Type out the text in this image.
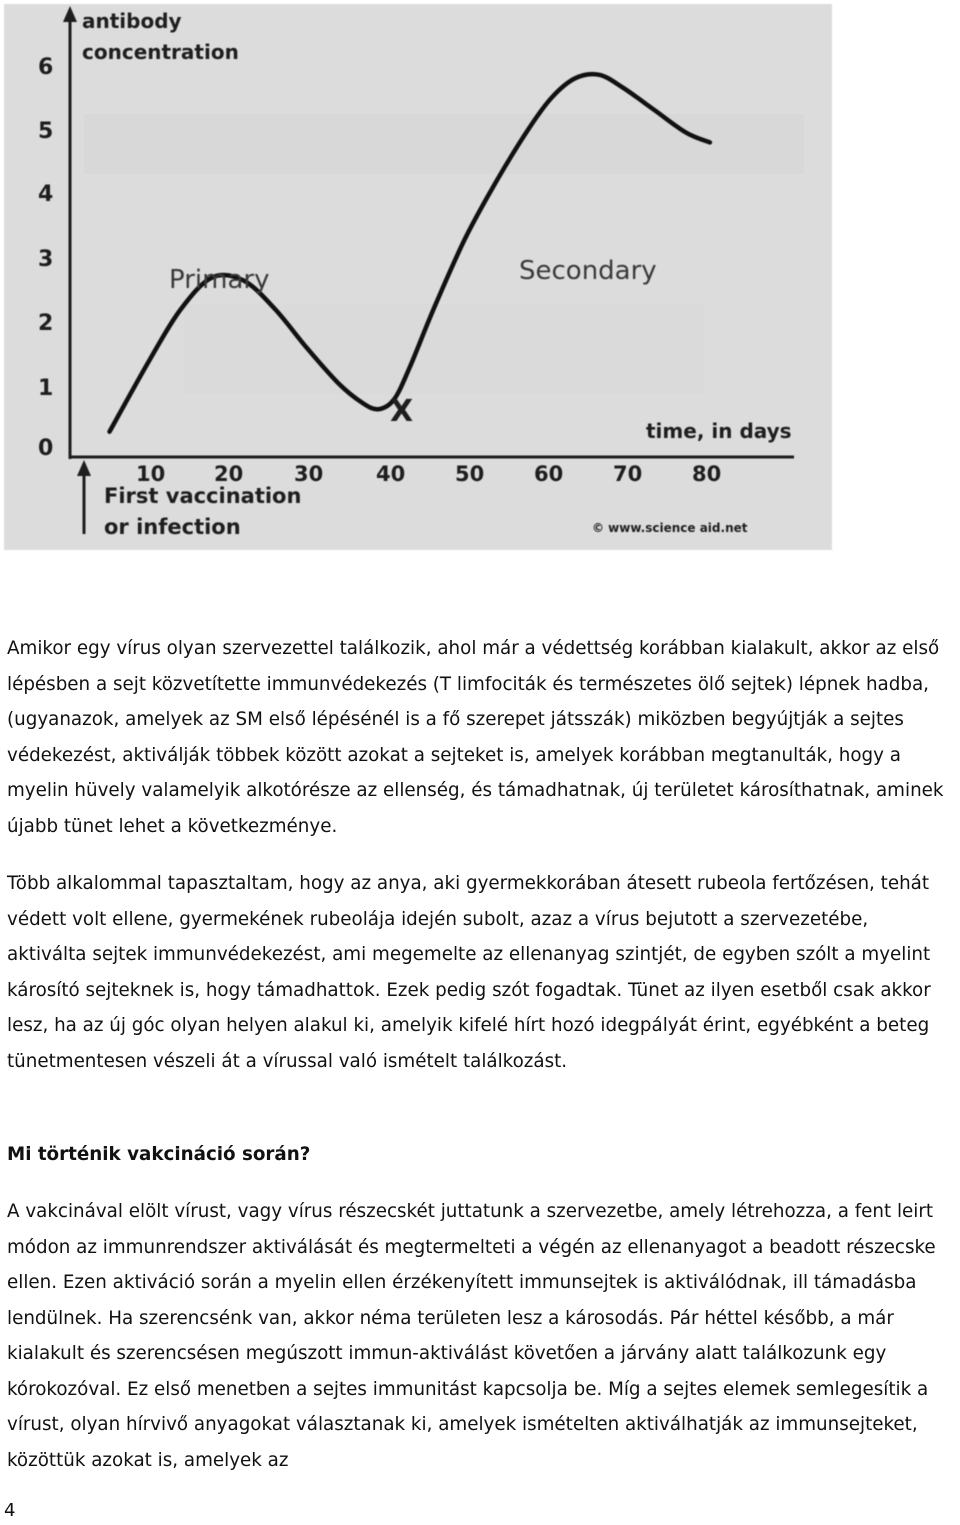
antibody
concentration
0
1
2
3
4
5
6
10 20 30	40 50 60 70 80
time, in days
X
Primary	Secondary
First vaccination
or infection	© www.science aid.net

Amikor egy vírus olyan szervezettel találkozik, ahol már a védettség korábban kialakult, akkor az első lépésben a sejt közvetítette immunvédekezés (T limfociták és természetes ölő sejtek) lépnek hadba, (ugyanazok, amelyek az SM első lépésénél is a fő szerepet játsszák) miközben begyújtják a sejtes védekezést, aktiválják többek között azokat a sejteket is, amelyek korábban megtanulták, hogy a myelin hüvely valamelyik alkotórésze az ellenség, és támadhatnak, új területet károsíthatnak, aminek újabb tünet lehet a következménye.

Több alkalommal tapasztaltam, hogy az anya, aki gyermekkorában átesett rubeola fertőzésen, tehát védett volt ellene, gyermekének rubeolája idején subolt, azaz a vírus bejutott a szervezetébe, aktiválta sejtek immunvédekezést, ami megemelte az ellenanyag szintjét, de egyben szólt a myelint károsító sejteknek is, hogy támadhattok. Ezek pedig szót fogadtak. Tünet az ilyen esetből csak akkor lesz, ha az új góc olyan helyen alakul ki, amelyik kifelé hírt hozó idegpályát érint, egyébként a beteg tünetmentesen vészeli át a vírussal való ismételt találkozást.

Mi történik vakcináció során?

A vakcinával elölt vírust, vagy vírus részecskét juttatunk a szervezetbe, amely létrehozza, a fent leirt módon az immunrendszer aktiválását és megtermelteti a végén az ellenanyagot a beadott részecske ellen. Ezen aktiváció során a myelin ellen érzékenyített immunsejtek is aktiválódnak, ill támadásba lendülnek. Ha szerencsénk van, akkor néma területen lesz a károsodás. Pár héttel később, a már kialakult és szerencsésen megúszott immun-aktiválást követően a járvány alatt találkozunk egy kórokozóval. Ez első menetben a sejtes immunitást kapcsolja be. Míg a sejtes elemek semlegesítik a vírust, olyan hírvivő anyagokat választanak ki, amelyek ismételten aktiválhatják az immunsejteket, közöttük azokat is, amelyek az

4
